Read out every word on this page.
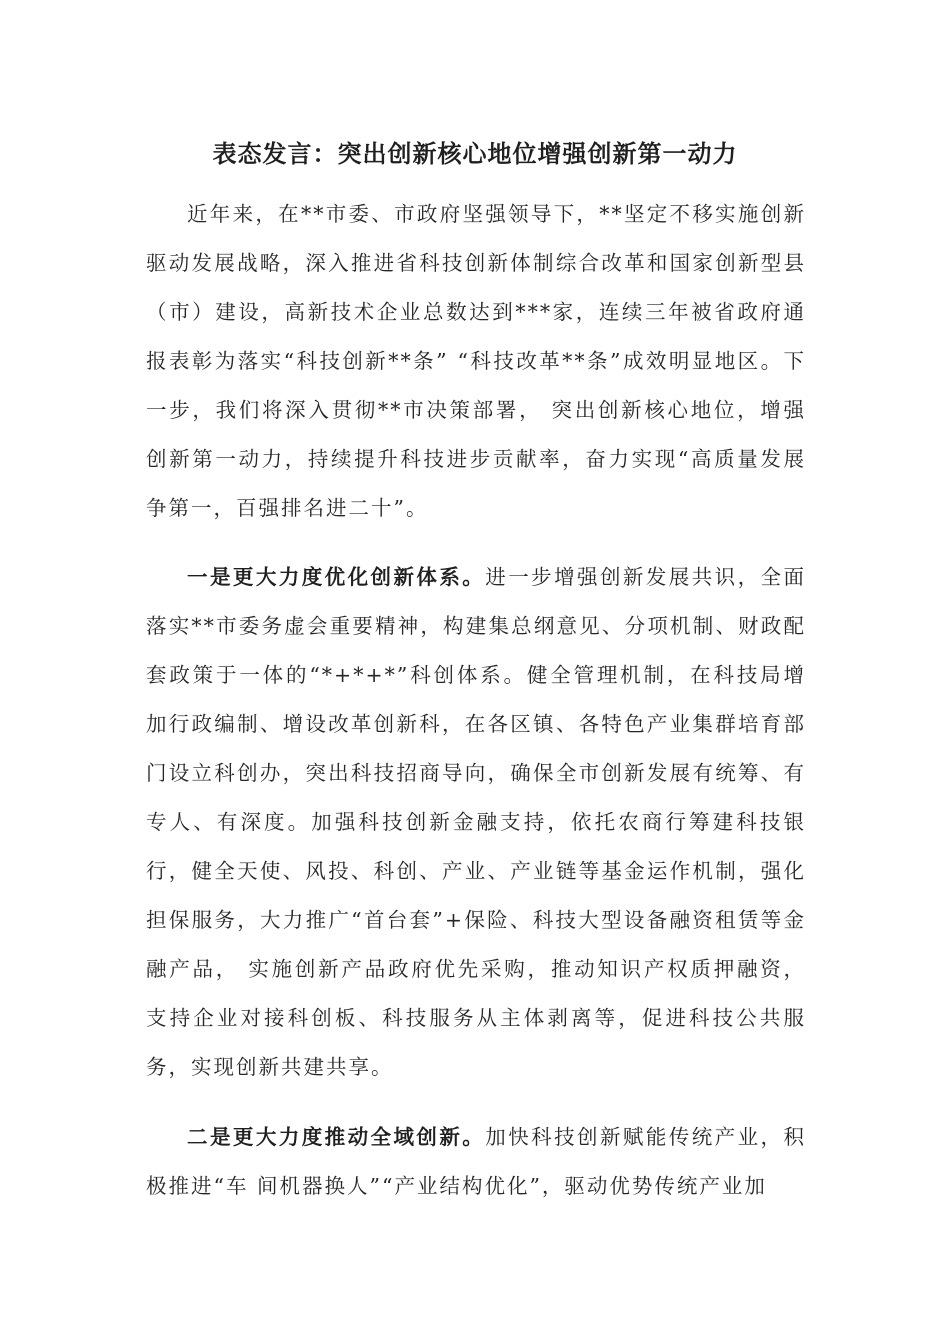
表态发言：突出创新核心地位增强创新第一动力

近年来，在**市委、市政府坚强领导下，**坚定不移实施创新驱动发展战略，深入推进省科技创新体制综合改革和国家创新型县（市）建设，高新技术企业总数达到***家，连续三年被省政府通报表彰为落实“科技创新**条” “科技改革**条”成效明显地区。下一步，我们将深入贯彻**市决策部署， 突出创新核心地位，增强创新第一动力，持续提升科技进步贡献率，奋力实现“高质量发展争第一，百强排名进二十”。

一是更大力度优化创新体系。进一步增强创新发展共识，全面落实**市委务虚会重要精神，构建集总纲意见、分项机制、财政配套政策于一体的“*+*+*”科创体系。健全管理机制，在科技局增加行政编制、增设改革创新科，在各区镇、各特色产业集群培育部门设立科创办，突出科技招商导向，确保全市创新发展有统筹、有专人、有深度。加强科技创新金融支持，依托农商行筹建科技银行，健全天使、风投、科创、产业、产业链等基金运作机制，强化担保服务，大力推广“首台套”+保险、科技大型设备融资租赁等金融产品， 实施创新产品政府优先采购，推动知识产权质押融资，支持企业对接科创板、科技服务从主体剥离等，促进科技公共服务，实现创新共建共享。

二是更大力度推动全域创新。加快科技创新赋能传统产业，积极推进“车 间机器换人”“产业结构优化”，驱动优势传统产业加
